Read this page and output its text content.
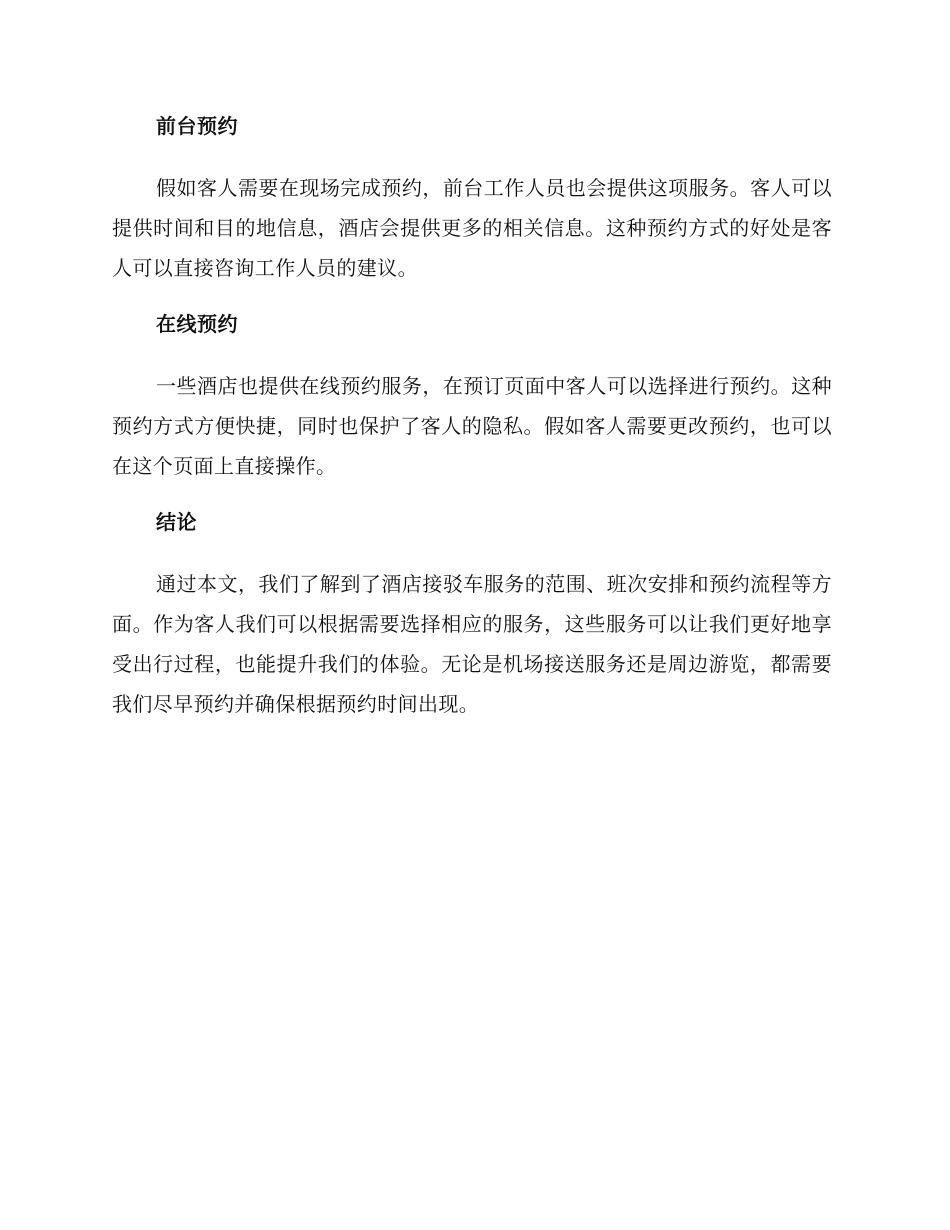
前台预约

假如客人需要在现场完成预约，前台工作人员也会提供这项服务。客人可以提供时间和目的地信息，酒店会提供更多的相关信息。这种预约方式的好处是客人可以直接咨询工作人员的建议。

在线预约

一些酒店也提供在线预约服务，在预订页面中客人可以选择进行预约。这种预约方式方便快捷，同时也保护了客人的隐私。假如客人需要更改预约，也可以在这个页面上直接操作。

结论

通过本文，我们了解到了酒店接驳车服务的范围、班次安排和预约流程等方面。作为客人我们可以根据需要选择相应的服务，这些服务可以让我们更好地享受出行过程，也能提升我们的体验。无论是机场接送服务还是周边游览，都需要我们尽早预约并确保根据预约时间出现。
